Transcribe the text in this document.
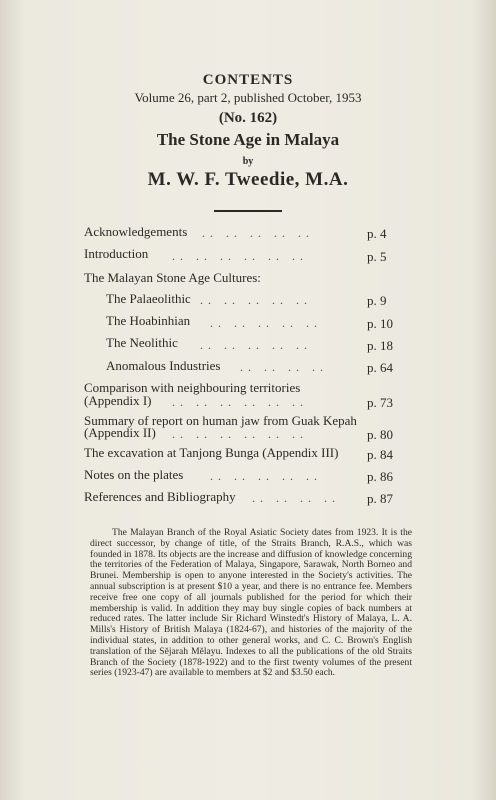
CONTENTS
Volume 26, part 2, published October, 1953
(No. 162)
The Stone Age in Malaya
by
M. W. F. Tweedie, M.A.
Acknowledgements . .   . .   . .   . .   . .	p. 4
Introduction . .   . .   . .   . .   . .   . .	p. 5
The Malayan Stone Age Cultures:
The Palaeolithic . .   . .   . .   . .   . .	p. 9
The Hoabinhian . .   . .   . .   . .   . .	p. 10
The Neolithic . .   . .   . .   . .   . .	p. 18
Anomalous Industries . .   . .   . .   . .	p. 64
Comparison with neighbouring territories
(Appendix I) . .   . .   . .   . .   . .   . .	p. 73
Summary of report on human jaw from Guak Kepah
(Appendix II) . .   . .   . .   . .   . .   . .	p. 80
The excavation at Tanjong Bunga (Appendix III) p. 84
Notes on the plates . .   . .   . .   . .   . .	p. 86
References and Bibliography . .   . .   . .   . . p. 87
The Malayan Branch of the Royal Asiatic Society dates from 1923. It is the direct successor, by change of title, of the Straits Branch, R.A.S., which was founded in 1878. Its objects are the increase and diffusion of knowledge concerning the territories of the Federation of Malaya, Singapore, Sarawak, North Borneo and Brunei. Membership is open to anyone interested in the Society's activities. The annual subscription is at present $10 a year, and there is no entrance fee. Members receive free one copy of all journals published for the period for which their membership is valid. In addition they may buy single copies of back numbers at reduced rates. The latter include Sir Richard Winstedt's History of Malaya, L. A. Mills's History of British Malaya (1824-67), and histories of the majority of the individual states, in addition to other general works, and C. C. Brown's English translation of the Sĕjarah Mĕlayu. Indexes to all the publications of the old Straits Branch of the Society (1878-1922) and to the first twenty volumes of the present series (1923-47) are available to members at $2 and $3.50 each.
